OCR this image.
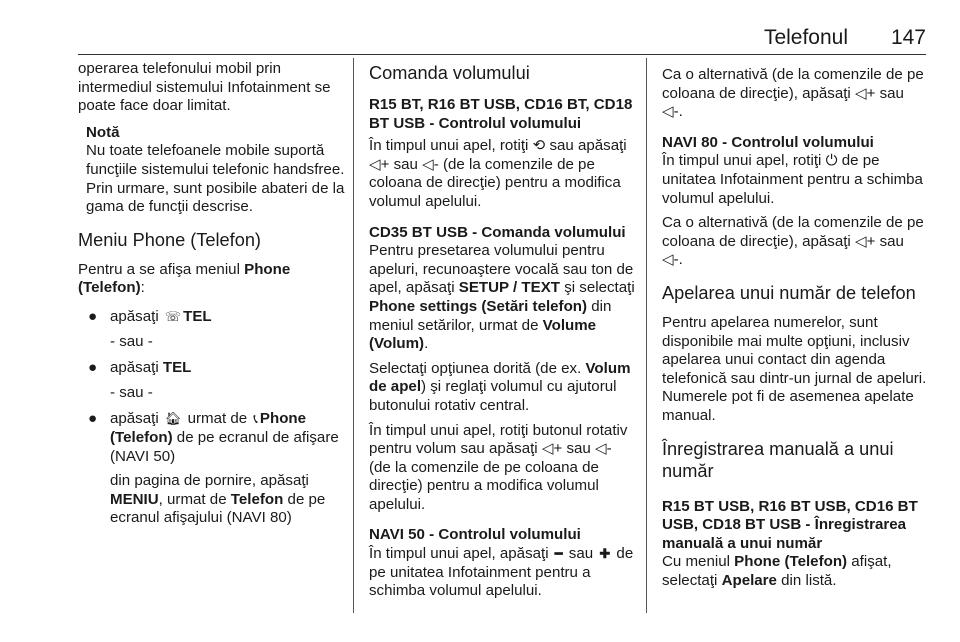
Telefonul 147

operarea telefonului mobil prin intermediul sistemului Infotainment se poate face doar limitat.

Notă

Nu toate telefoanele mobile suportă funcţiile sistemului telefonic handsfree. Prin urmare, sunt posibile abateri de la gama de funcţii descrise.

Meniu Phone (Telefon)

Pentru a se afişa meniul Phone (Telefon):

● apăsaţi ☏ TEL

- sau -

● apăsaţi TEL

- sau -

● apăsaţi 🏠︎ urmat de 📞︎ Phone (Telefon) de pe ecranul de afişare (NAVI 50)

din pagina de pornire, apăsaţi MENIU, urmat de Telefon de pe ecranul afişajului (NAVI 80)

Comanda volumului

R15 BT, R16 BT USB, CD16 BT, CD18 BT USB - Controlul volumului

În timpul unui apel, rotiţi ⟲ sau apăsaţi ◁+ sau ◁- (de la comenzile de pe coloana de direcţie) pentru a modifica volumul apelului.

CD35 BT USB - Comanda volumului

Pentru presetarea volumului pentru apeluri, recunoaştere vocală sau ton de apel, apăsaţi SETUP / TEXT şi selectaţi Phone settings (Setări telefon) din meniul setărilor, urmat de Volume (Volum).

Selectaţi opţiunea dorită (de ex. Volum de apel) şi reglaţi volumul cu ajutorul butonului rotativ central.

În timpul unui apel, rotiţi butonul rotativ pentru volum sau apăsaţi ◁+ sau ◁- (de la comenzile de pe coloana de direcţie) pentru a modifica volumul apelului.

NAVI 50 - Controlul volumului

În timpul unui apel, apăsaţi ━ sau ✚ de pe unitatea Infotainment pentru a schimba volumul apelului.

Ca o alternativă (de la comenzile de pe coloana de direcţie), apăsaţi ◁+ sau ◁-.

NAVI 80 - Controlul volumului

În timpul unui apel, rotiţi ⏻ de pe unitatea Infotainment pentru a schimba volumul apelului.

Ca o alternativă (de la comenzile de pe coloana de direcţie), apăsaţi ◁+ sau ◁-.

Apelarea unui număr de telefon

Pentru apelarea numerelor, sunt disponibile mai multe opţiuni, inclusiv apelarea unui contact din agenda telefonică sau dintr-un jurnal de apeluri. Numerele pot fi de asemenea apelate manual.

Înregistrarea manuală a unui număr

R15 BT USB, R16 BT USB, CD16 BT USB, CD18 BT USB - Înregistrarea manuală a unui număr

Cu meniul Phone (Telefon) afişat, selectaţi Apelare din listă.
